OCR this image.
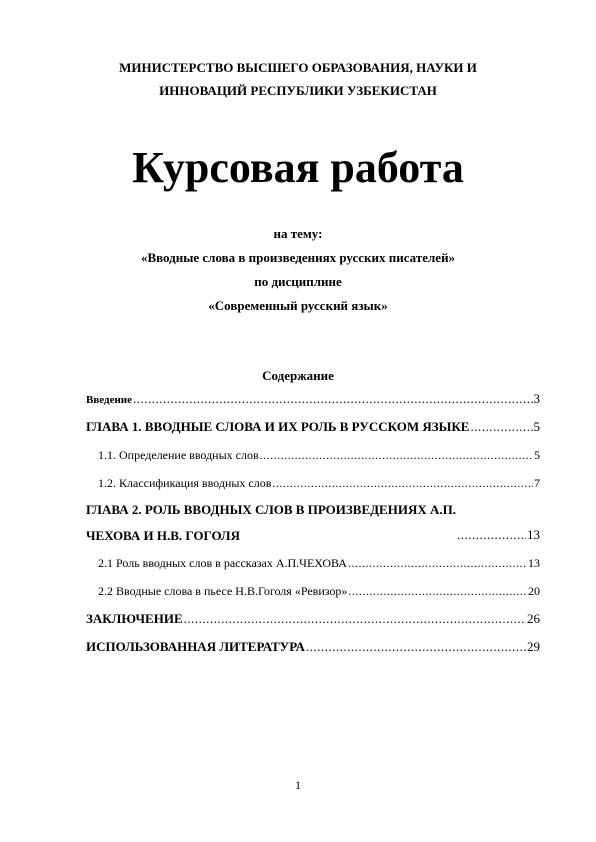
МИНИСТЕРСТВО ВЫСШЕГО ОБРАЗОВАНИЯ, НАУКИ И
ИННОВАЦИЙ РЕСПУБЛИКИ УЗБЕКИСТАН
Курсовая работа
на тему:
«Вводные слова в произведениях русских писателей»
по дисциплине
«Современный русский язык»
Содержание
Введение .....	3
ГЛАВА 1. ВВОДНЫЕ СЛОВА И ИХ РОЛЬ В РУССКОМ ЯЗЫКЕ .....	5
1.1. Определение вводных слов .....	5
1.2. Классификация вводных слов .....	7
ГЛАВА 2. РОЛЬ ВВОДНЫХ СЛОВ В ПРОИЗВЕДЕНИЯХ А.П.
ЧЕХОВА И Н.В. ГОГОЛЯ .....	13
2.1 Роль вводных слов в рассказах А.П.ЧЕХОВА .....	13
2.2 Вводные слова в пьесе Н.В.Гоголя «Ревизор» .....	20
ЗАКЛЮЧЕНИЕ .....	26
ИСПОЛЬЗОВАННАЯ ЛИТЕРАТУРА .....	29
1
